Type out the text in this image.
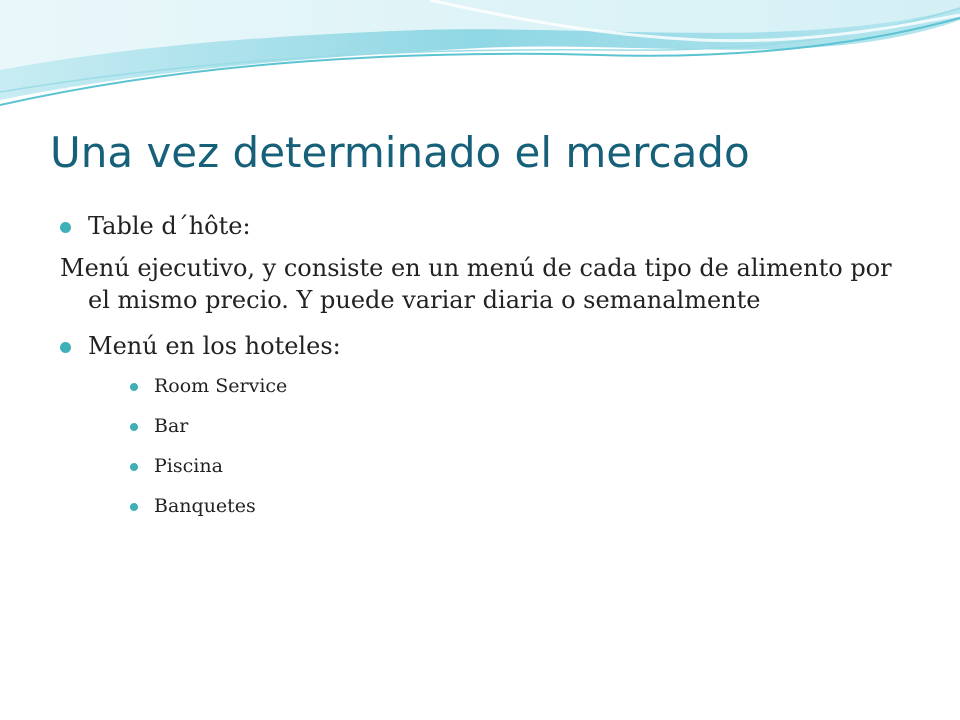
Una vez determinado el mercado
Table d´hôte:
Menú ejecutivo, y consiste en un menú de cada tipo de alimento por el mismo precio. Y puede variar diaria o semanalmente
Menú en los hoteles:
Room Service
Bar
Piscina
Banquetes
